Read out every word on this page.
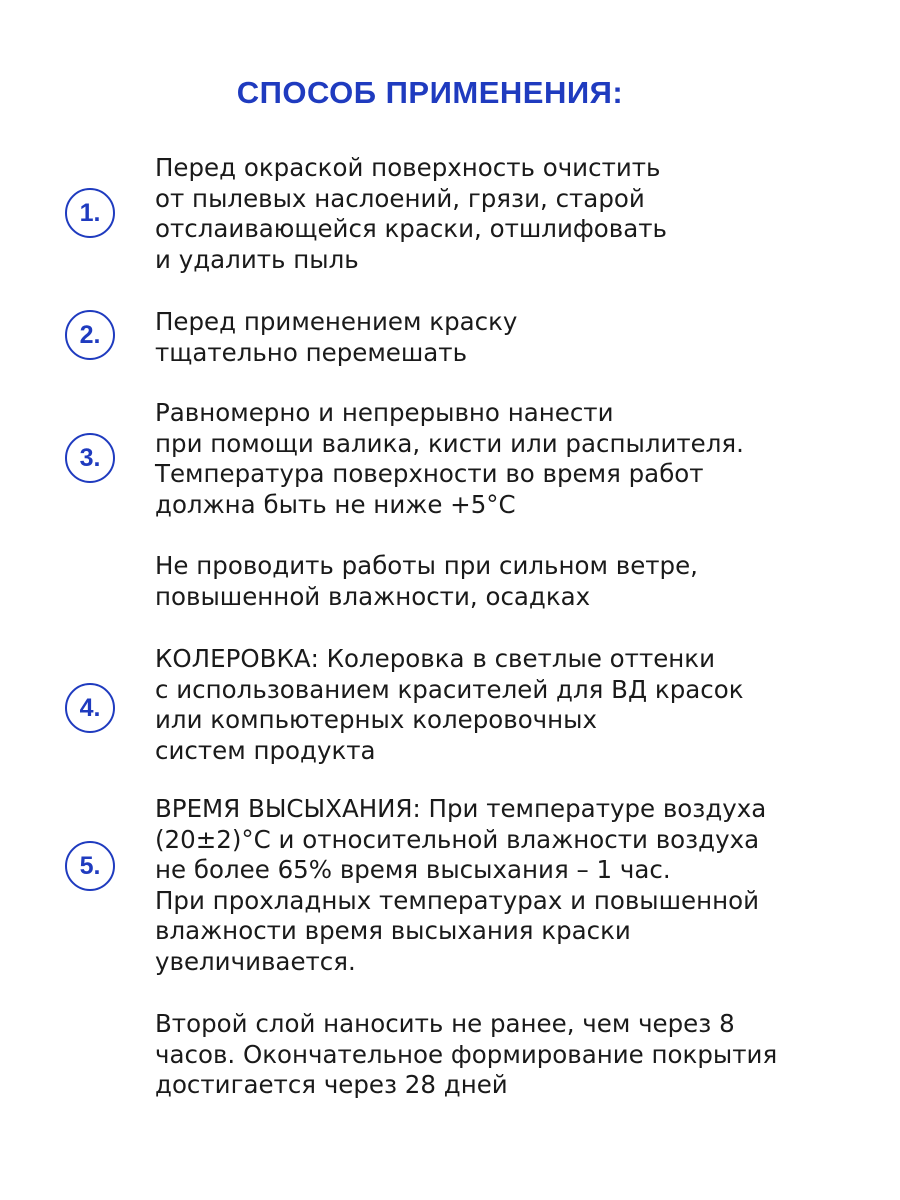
СПОСОБ ПРИМЕНЕНИЯ:
1.

Перед окраской поверхность очистить
от пылевых наслоений, грязи, старой
отслаивающейся краски, отшлифовать
и удалить пыль

2.	Перед применением краску
тщательно перемешать

3.

Равномерно и непрерывно нанести
при помощи валика, кисти или распылителя.
Температура поверхности во время работ
должна быть не ниже +5°С

Не проводить работы при сильном ветре,
повышенной влажности, осадках

4.

КОЛЕРОВКА: Колеровка в светлые оттенки
с использованием красителей для ВД красок
или компьютерных колеровочных
систем продукта

5.

ВРЕМЯ ВЫСЫХАНИЯ: При температуре воздуха
(20±2)°С и относительной влажности воздуха
не более 65% время высыхания – 1 час.
При прохладных температурах и повышенной
влажности время высыхания краски
увеличивается.

Второй слой наносить не ранее, чем через 8
часов. Окончательное формирование покрытия
достигается через 28 дней
